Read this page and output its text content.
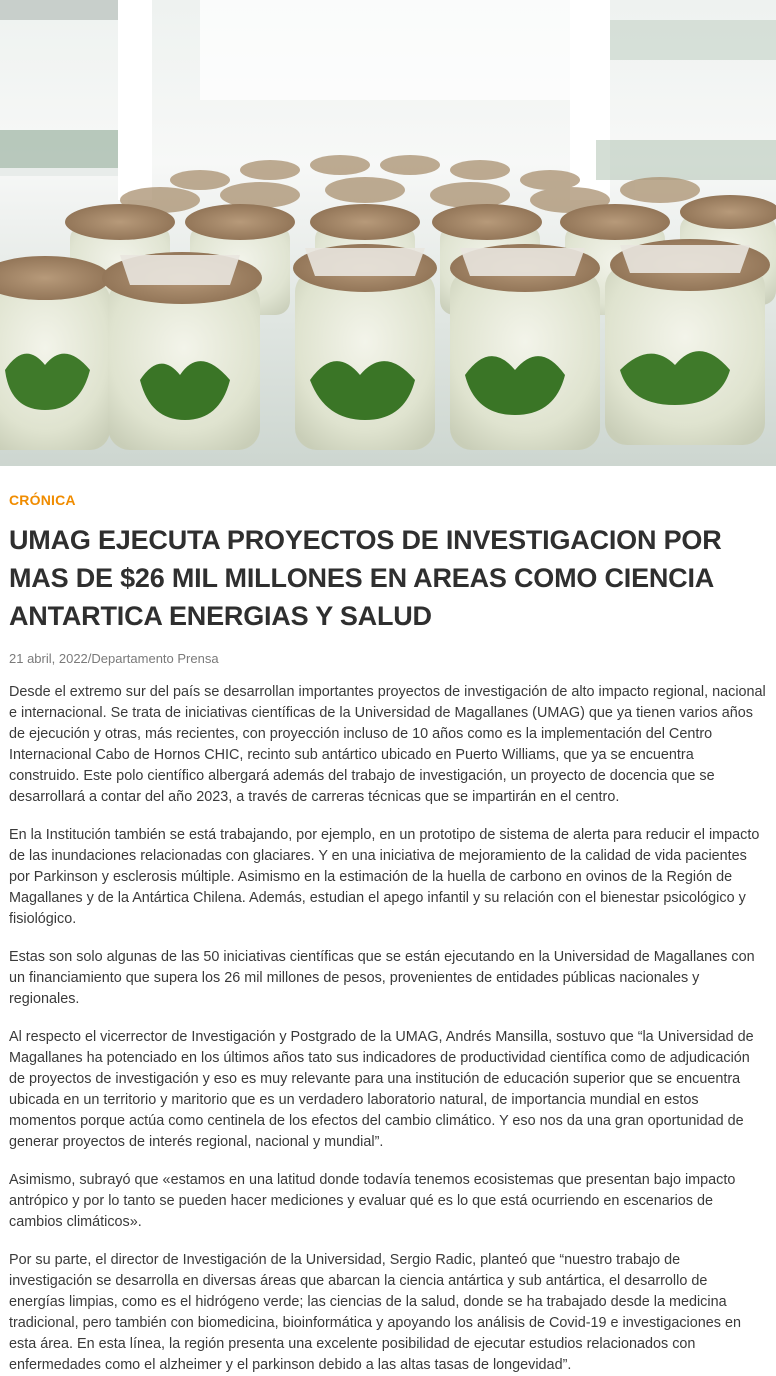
CRÓNICA
UMAG EJECUTA PROYECTOS DE INVESTIGACION POR MAS DE $26 MIL MILLONES EN AREAS COMO CIENCIA ANTARTICA ENERGIAS Y SALUD
21 abril, 2022/Departamento Prensa

Desde el extremo sur del país se desarrollan importantes proyectos de investigación de alto impacto regional, nacional e internacional. Se trata de iniciativas científicas de la Universidad de Magallanes (UMAG) que ya tienen varios años de ejecución y otras, más recientes, con proyección incluso de 10 años como es la implementación del Centro Internacional Cabo de Hornos CHIC, recinto sub antártico ubicado en Puerto Williams, que ya se encuentra construido. Este polo científico albergará además del trabajo de investigación, un proyecto de docencia que se desarrollará a contar del año 2023, a través de carreras técnicas que se impartirán en el centro.

En la Institución también se está trabajando, por ejemplo, en un prototipo de sistema de alerta para reducir el impacto de las inundaciones relacionadas con glaciares. Y en una iniciativa de mejoramiento de la calidad de vida pacientes por Parkinson y esclerosis múltiple. Asimismo en la estimación de la huella de carbono en ovinos de la Región de Magallanes y de la Antártica Chilena. Además, estudian el apego infantil y su relación con el bienestar psicológico y fisiológico.

Estas son solo algunas de las 50 iniciativas científicas que se están ejecutando en la Universidad de Magallanes con un financiamiento que supera los 26 mil millones de pesos, provenientes de entidades públicas nacionales y regionales.

Al respecto el vicerrector de Investigación y Postgrado de la UMAG, Andrés Mansilla, sostuvo que “la Universidad de Magallanes ha potenciado en los últimos años tato sus indicadores de productividad científica como de adjudicación de proyectos de investigación y eso es muy relevante para una institución de educación superior que se encuentra ubicada en un territorio y maritorio que es un verdadero laboratorio natural, de importancia mundial en estos momentos porque actúa como centinela de los efectos del cambio climático. Y eso nos da una gran oportunidad de generar proyectos de interés regional, nacional y mundial”.

Asimismo, subrayó que «estamos en una latitud donde todavía tenemos ecosistemas que presentan bajo impacto antrópico y por lo tanto se pueden hacer mediciones y evaluar qué es lo que está ocurriendo en escenarios de cambios climáticos».

Por su parte, el director de Investigación de la Universidad, Sergio Radic, planteó que “nuestro trabajo de investigación se desarrolla en diversas áreas que abarcan la ciencia antártica y sub antártica, el desarrollo de energías limpias, como es el hidrógeno verde; las ciencias de la salud, donde se ha trabajado desde la medicina tradicional, pero también con biomedicina, bioinformática y apoyando los análisis de Covid-19 e investigaciones en esta área. En esta línea, la región presenta una excelente posibilidad de ejecutar estudios relacionados con enfermedades como el alzheimer y el parkinson debido a las altas tasas de longevidad”.
